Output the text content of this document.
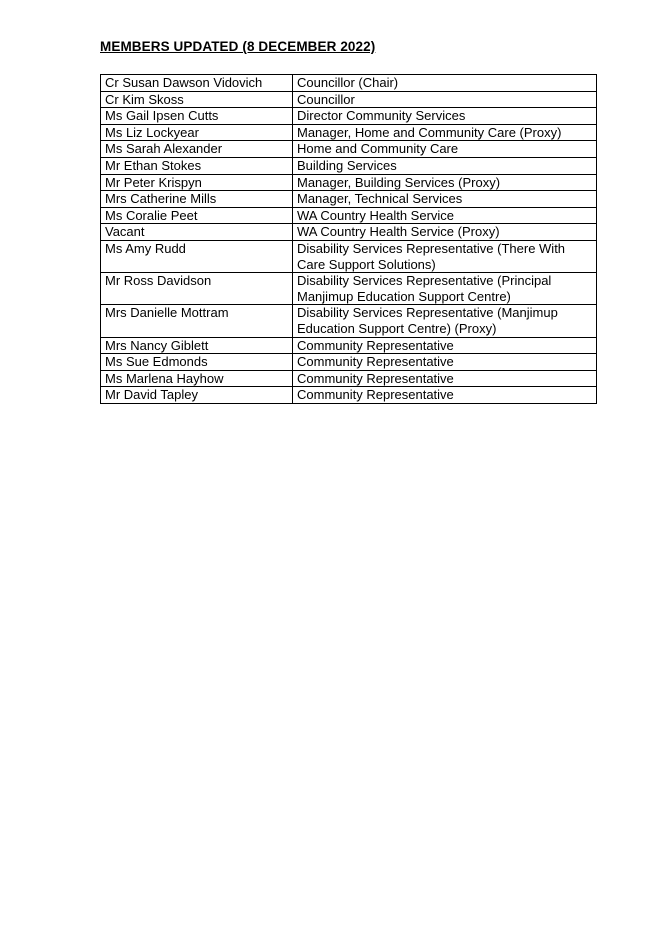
MEMBERS UPDATED (8 DECEMBER 2022)
Cr Susan Dawson Vidovich	Councillor (Chair)
Cr Kim Skoss	Councillor
Ms Gail Ipsen Cutts	Director Community Services
Ms Liz Lockyear	Manager, Home and Community Care (Proxy)
Ms Sarah Alexander	Home and Community Care
Mr Ethan Stokes	Building Services
Mr Peter Krispyn	Manager, Building Services (Proxy)
Mrs Catherine Mills	Manager, Technical Services
Ms Coralie Peet	WA Country Health Service
Vacant	WA Country Health Service (Proxy)
Ms Amy Rudd	Disability Services Representative (There With Care Support Solutions)
Mr Ross Davidson	Disability Services Representative (Principal Manjimup Education Support Centre)
Mrs Danielle Mottram	Disability Services Representative (Manjimup Education Support Centre) (Proxy)
Mrs Nancy Giblett	Community Representative
Ms Sue Edmonds	Community Representative
Ms Marlena Hayhow	Community Representative
Mr David Tapley	Community Representative
